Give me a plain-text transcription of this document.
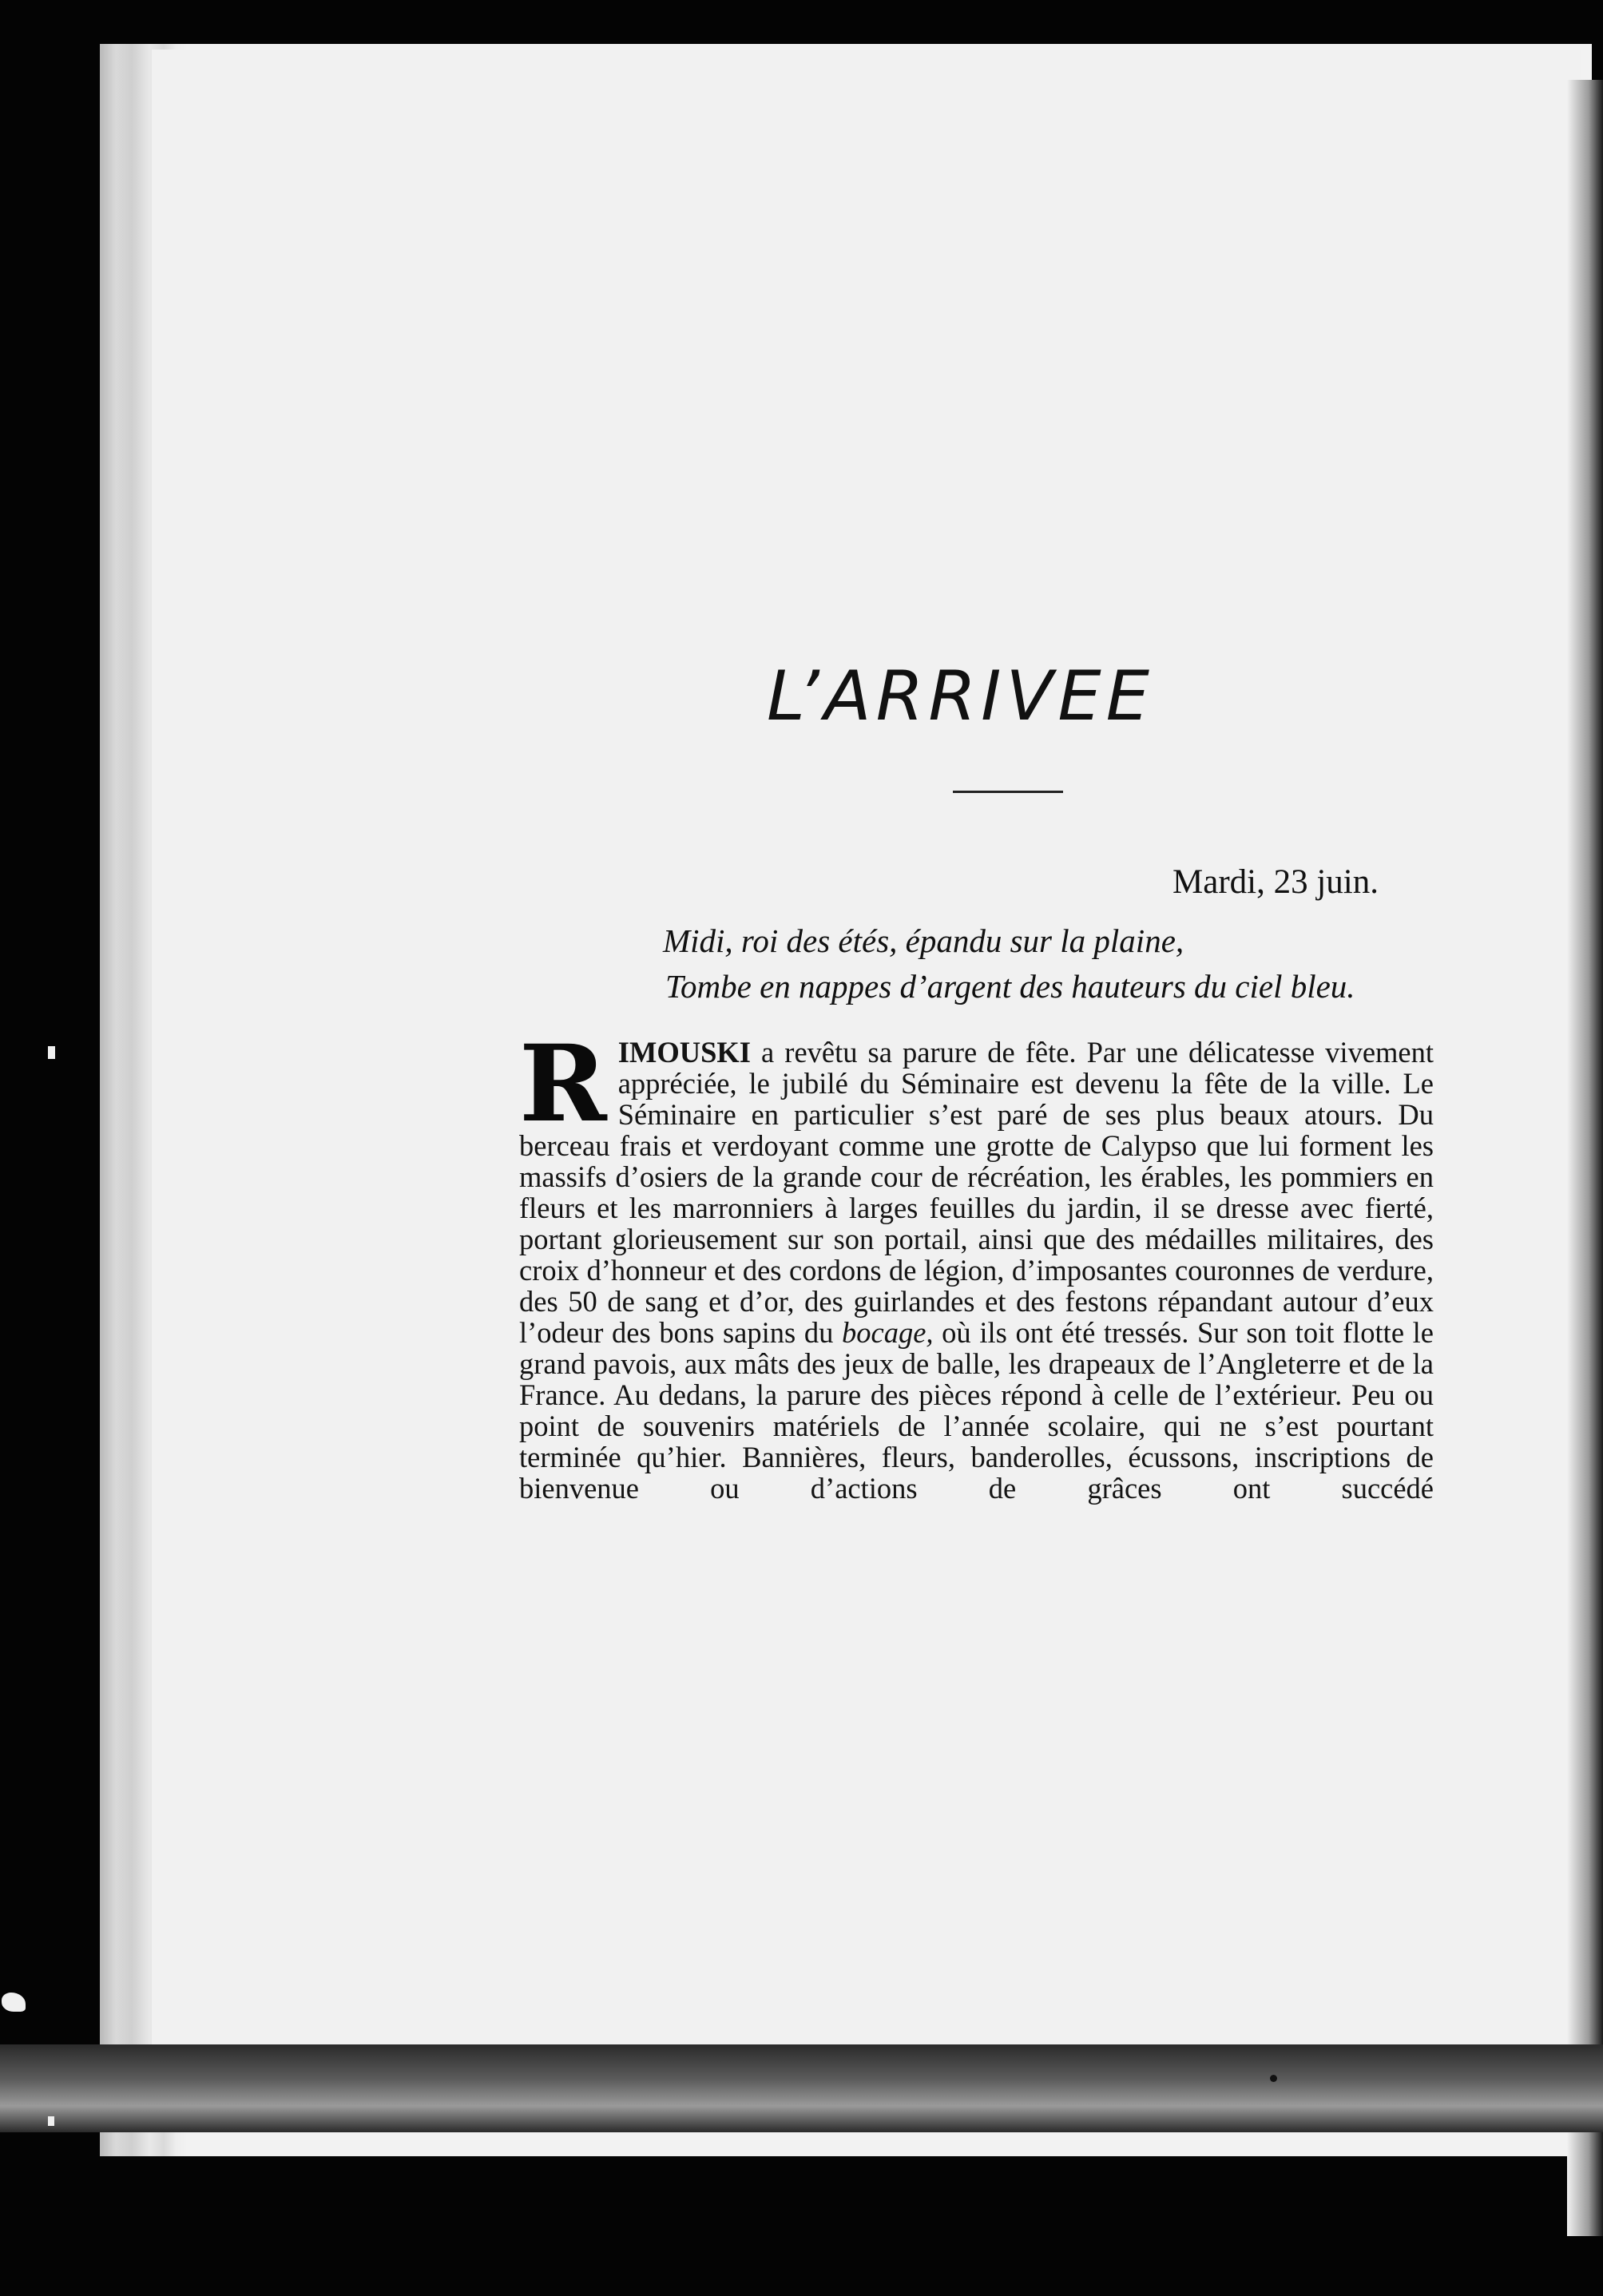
L’ARRIVEE
Mardi, 23 juin.
Midi, roi des étés, épandu sur la plaine,
Tombe en nappes d’argent des hauteurs du ciel bleu.
R IMOUSKI a revêtu sa parure de fête. Par une délicatesse vivement appréciée, le jubilé du Séminaire est devenu la fête de la ville. Le Séminaire en particulier s’est paré de ses plus beaux atours. Du berceau frais et verdoyant comme une grotte de Calypso que lui forment les massifs d’osiers de la grande cour de récréation, les érables, les pommiers en fleurs et les marronniers à larges feuilles du jardin, il se dresse avec fierté, portant glorieusement sur son portail, ainsi que des médailles militaires, des croix d’honneur et des cordons de légion, d’imposantes couronnes de verdure, des 50 de sang et d’or, des guirlandes et des festons répandant autour d’eux l’odeur des bons sapins du bocage, où ils ont été tressés. Sur son toit flotte le grand pavois, aux mâts des jeux de balle, les drapeaux de l’Angleterre et de la France. Au dedans, la parure des pièces répond à celle de l’extérieur. Peu ou point de souvenirs matériels de l’année scolaire, qui ne s’est pourtant terminée qu’hier. Bannières, fleurs, banderolles, écussons, inscriptions de bienvenue ou d’actions de grâces ont succédé
